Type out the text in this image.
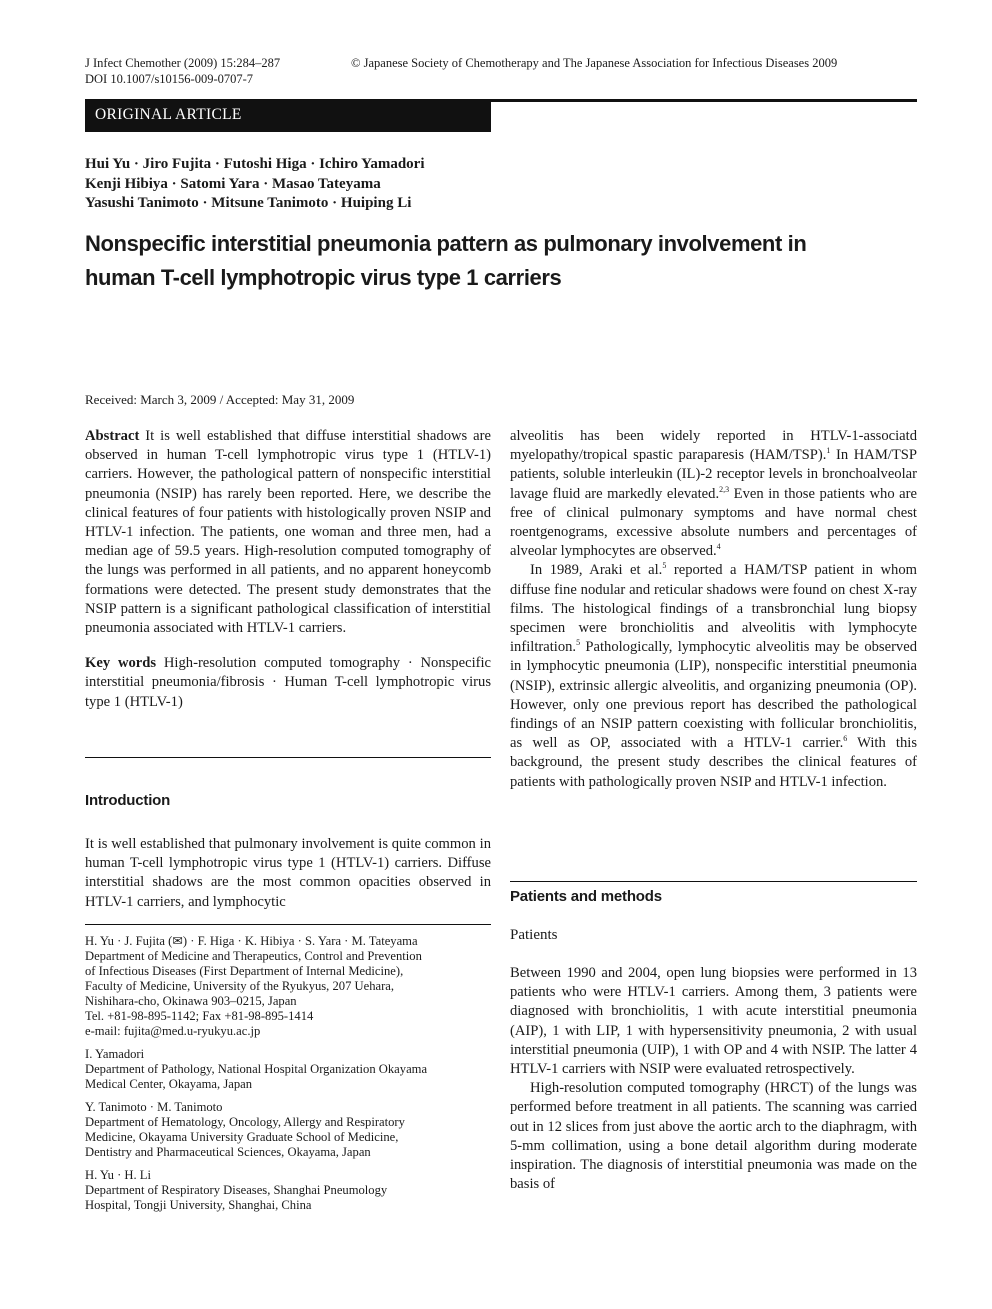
J Infect Chemother (2009) 15:284–287
DOI 10.1007/s10156-009-0707-7
© Japanese Society of Chemotherapy and The Japanese Association for Infectious Diseases 2009
ORIGINAL ARTICLE
Hui Yu · Jiro Fujita · Futoshi Higa · Ichiro Yamadori
Kenji Hibiya · Satomi Yara · Masao Tateyama
Yasushi Tanimoto · Mitsune Tanimoto · Huiping Li
Nonspecific interstitial pneumonia pattern as pulmonary involvement in
human T-cell lymphotropic virus type 1 carriers
Received: March 3, 2009 / Accepted: May 31, 2009

Abstract It is well established that diffuse interstitial shadows are observed in human T-cell lymphotropic virus type 1 (HTLV-1) carriers. However, the pathological pattern of nonspecific interstitial pneumonia (NSIP) has rarely been reported. Here, we describe the clinical features of four patients with histologically proven NSIP and HTLV-1 infection. The patients, one woman and three men, had a median age of 59.5 years. High-resolution computed tomography of the lungs was performed in all patients, and no apparent honeycomb formations were detected. The present study demonstrates that the NSIP pattern is a significant pathological classification of interstitial pneumonia associated with HTLV-1 carriers.

Key words High-resolution computed tomography · Nonspecific interstitial pneumonia/fibrosis · Human T-cell lymphotropic virus type 1 (HTLV-1)

Introduction

It is well established that pulmonary involvement is quite common in human T-cell lymphotropic virus type 1 (HTLV-1) carriers. Diffuse interstitial shadows are the most common opacities observed in HTLV-1 carriers, and lymphocytic

H. Yu · J. Fujita (✉) · F. Higa · K. Hibiya · S. Yara · M. Tateyama
Department of Medicine and Therapeutics, Control and Prevention
of Infectious Diseases (First Department of Internal Medicine),
Faculty of Medicine, University of the Ryukyus, 207 Uehara,
Nishihara-cho, Okinawa 903–0215, Japan
Tel. +81-98-895-1142; Fax +81-98-895-1414
e-mail: fujita@med.u-ryukyu.ac.jp
I. Yamadori
Department of Pathology, National Hospital Organization Okayama
Medical Center, Okayama, Japan
Y. Tanimoto · M. Tanimoto
Department of Hematology, Oncology, Allergy and Respiratory
Medicine, Okayama University Graduate School of Medicine,
Dentistry and Pharmaceutical Sciences, Okayama, Japan
H. Yu · H. Li
Department of Respiratory Diseases, Shanghai Pneumology
Hospital, Tongji University, Shanghai, China

alveolitis has been widely reported in HTLV-1-associatd myelopathy/tropical spastic paraparesis (HAM/TSP).$^1$ In HAM/TSP patients, soluble interleukin (IL)-2 receptor levels in bronchoalveolar lavage fluid are markedly elevated.$^{2,3}$ Even in those patients who are free of clinical pulmonary symptoms and have normal chest roentgenograms, excessive absolute numbers and percentages of alveolar lymphocytes are observed.$^4$

In 1989, Araki et al.$^5$ reported a HAM/TSP patient in whom diffuse fine nodular and reticular shadows were found on chest X-ray films. The histological findings of a transbronchial lung biopsy specimen were bronchiolitis and alveolitis with lymphocyte infiltration.$^5$ Pathologically, lymphocytic alveolitis may be observed in lymphocytic pneumonia (LIP), nonspecific interstitial pneumonia (NSIP), extrinsic allergic alveolitis, and organizing pneumonia (OP). However, only one previous report has described the pathological findings of an NSIP pattern coexisting with follicular bronchiolitis, as well as OP, associated with a HTLV-1 carrier.$^6$ With this background, the present study describes the clinical features of patients with pathologically proven NSIP and HTLV-1 infection.

Patients and methods
Patients

Between 1990 and 2004, open lung biopsies were performed in 13 patients who were HTLV-1 carriers. Among them, 3 patients were diagnosed with bronchiolitis, 1 with acute interstitial pneumonia (AIP), 1 with LIP, 1 with hypersensitivity pneumonia, 2 with usual interstitial pneumonia (UIP), 1 with OP and 4 with NSIP. The latter 4 HTLV-1 carriers with NSIP were evaluated retrospectively.

High-resolution computed tomography (HRCT) of the lungs was performed before treatment in all patients. The scanning was carried out in 12 slices from just above the aortic arch to the diaphragm, with 5-mm collimation, using a bone detail algorithm during moderate inspiration. The diagnosis of interstitial pneumonia was made on the basis of
